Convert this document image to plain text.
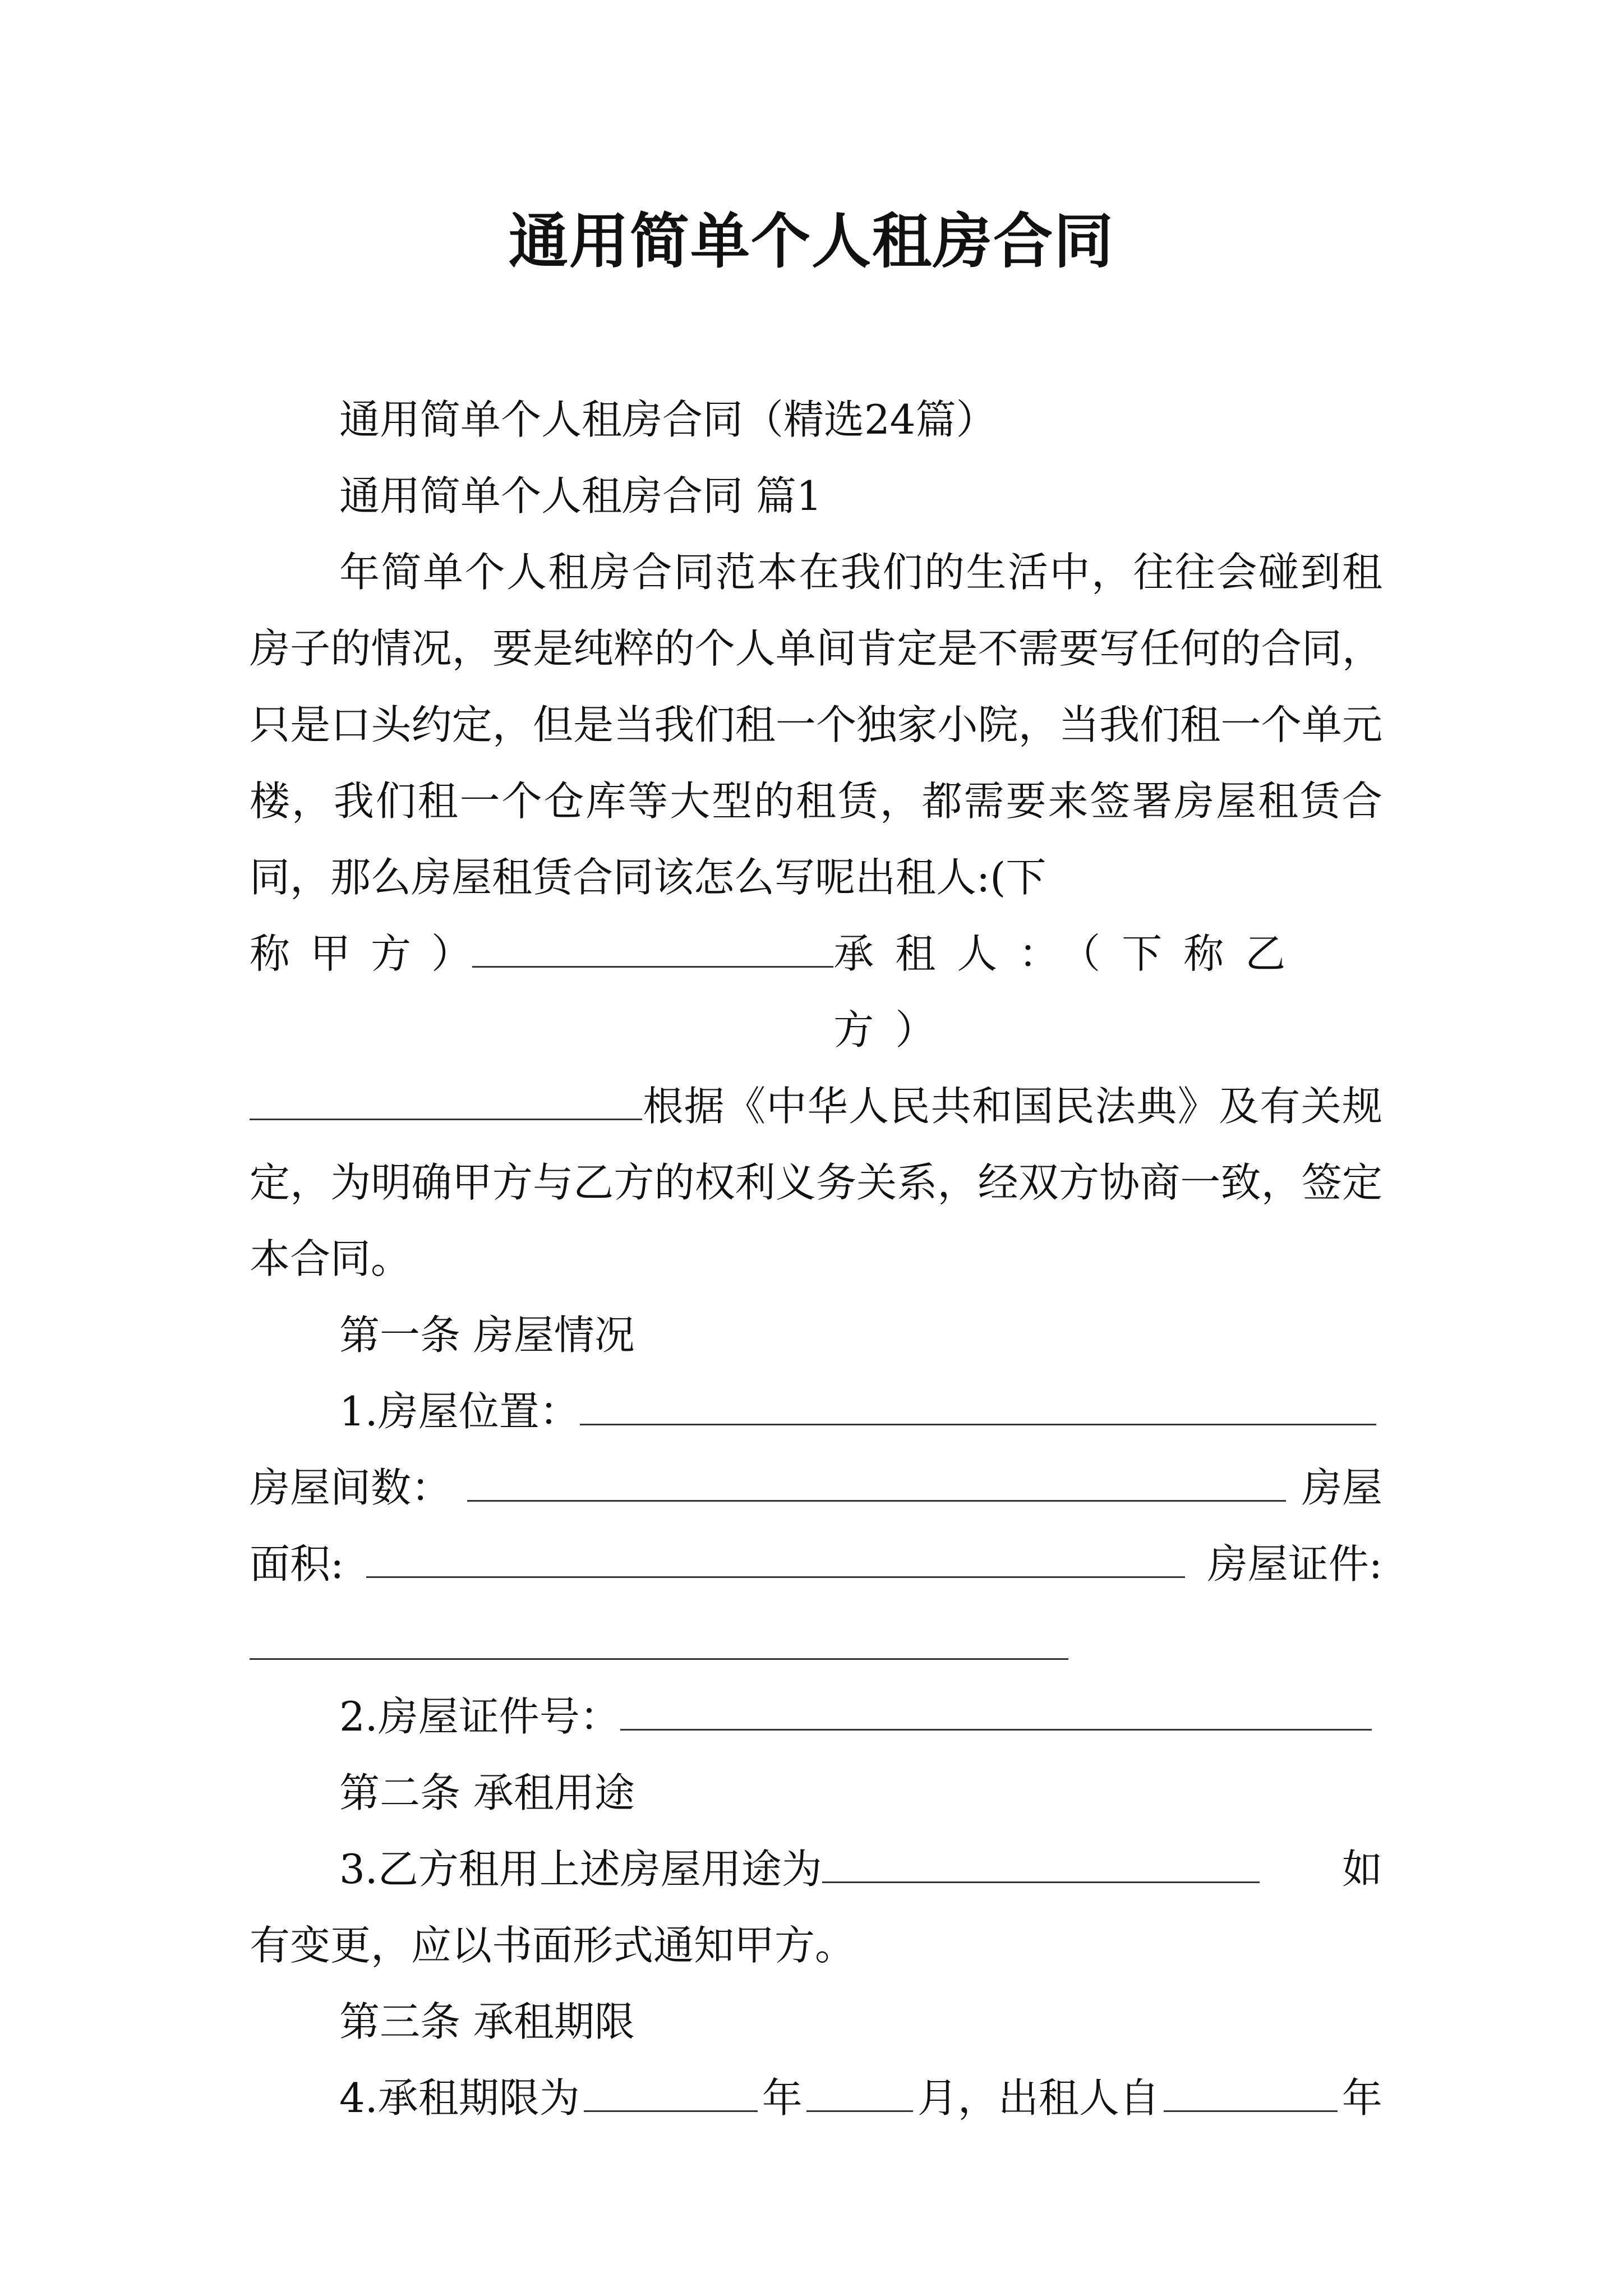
通用简单个人租房合同

通用简单个人租房合同（精选24篇）

通用简单个人租房合同 篇1

年简单个人租房合同范本在我们的生活中，往往会碰到租房子的情况，要是纯粹的个人单间肯定是不需要写任何的合同，只是口头约定，但是当我们租一个独家小院，当我们租一个单元楼，我们租一个仓库等大型的租赁，都需要来签署房屋租赁合同，那么房屋租赁合同该怎么写呢出租人:(下

称甲方）	承租人：（下称乙方）

根据《中华人民共和国民法典》及有关规定，为明确甲方与乙方的权利义务关系，经双方协商一致，签定本合同。

第一条 房屋情况

1.房屋位置：

房屋间数：	房屋
面积:	房屋证件:

2.房屋证件号：

第二条 承租用途

3.乙方租用上述房屋用途为	如

有变更，应以书面形式通知甲方。

第三条 承租期限

4.承租期限为	年	月，出租人自	年
